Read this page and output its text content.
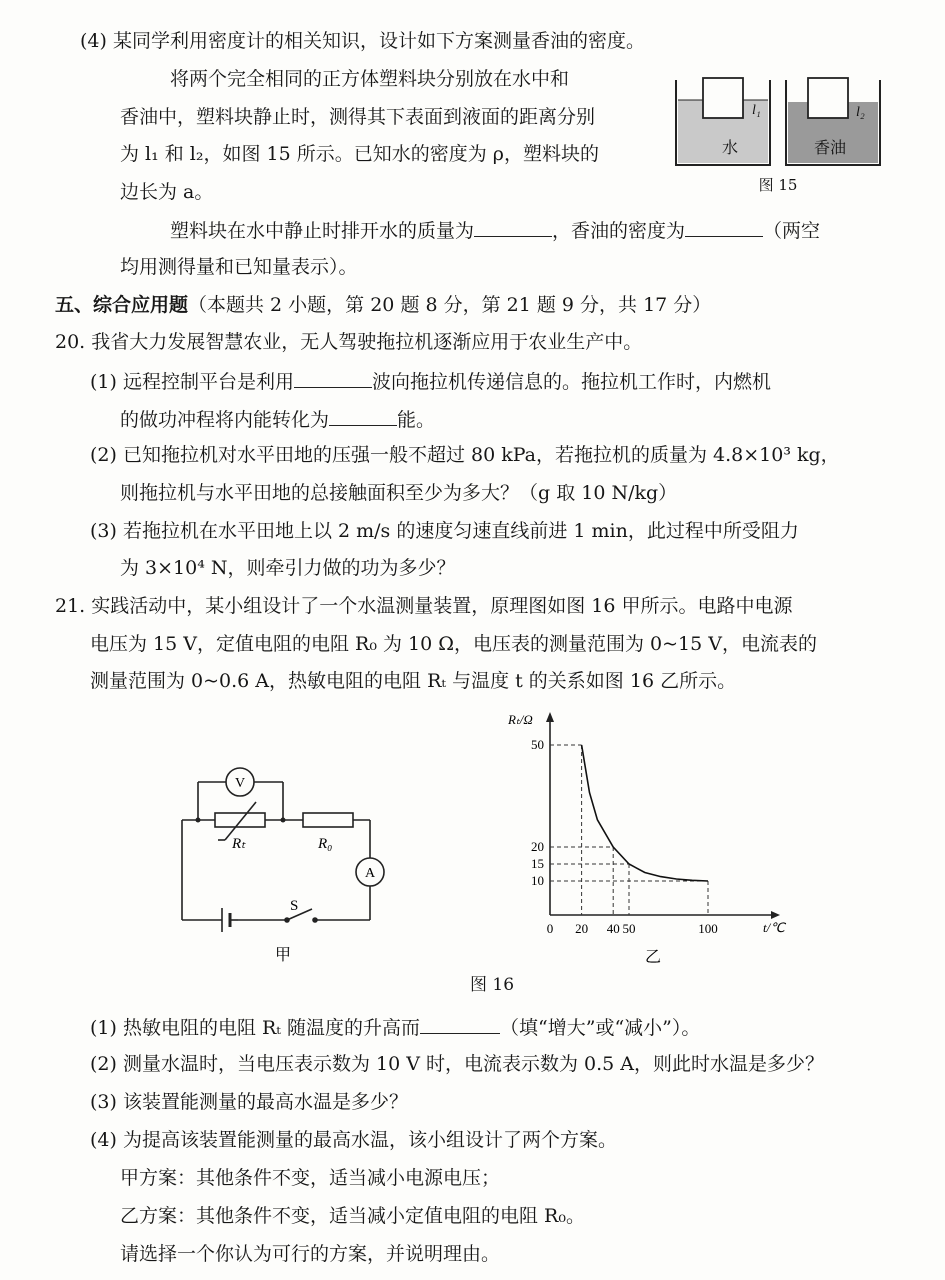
(4) 某同学利用密度计的相关知识，设计如下方案测量香油的密度。
将两个完全相同的正方体塑料块分别放在水中和
香油中，塑料块静止时，测得其下表面到液面的距离分别
为 l₁ 和 l₂，如图 15 所示。已知水的密度为 ρ，塑料块的
边长为 a。
水
l₁
香油
l₂
图 15
塑料块在水中静止时排开水的质量为	，香油的密度为	（两空
均用测得量和已知量表示）。
五、综合应用题（本题共 2 小题，第 20 题 8 分，第 21 题 9 分，共 17 分）
20. 我省大力发展智慧农业，无人驾驶拖拉机逐渐应用于农业生产中。
(1) 远程控制平台是利用	波向拖拉机传递信息的。拖拉机工作时，内燃机
的做功冲程将内能转化为	能。
(2) 已知拖拉机对水平田地的压强一般不超过 80 kPa，若拖拉机的质量为 4.8×10³ kg，
则拖拉机与水平田地的总接触面积至少为多大？（g 取 10 N/kg）
(3) 若拖拉机在水平田地上以 2 m/s 的速度匀速直线前进 1 min，此过程中所受阻力
为 3×10⁴ N，则牵引力做的功为多少？
21. 实践活动中，某小组设计了一个水温测量装置，原理图如图 16 甲所示。电路中电源
电压为 15 V，定值电阻的电阻 R₀ 为 10 Ω，电压表的测量范围为 0~15 V，电流表的
测量范围为 0~0.6 A，热敏电阻的电阻 Rₜ 与温度 t 的关系如图 16 乙所示。
V
A
S
Rₜ	R₀
甲
Rₜ/Ω
t/℃
乙
0 20 40 50	100
10
15
20
50
图 16
(1) 热敏电阻的电阻 Rₜ 随温度的升高而	（填“增大”或“减小”）。
(2) 测量水温时，当电压表示数为 10 V 时，电流表示数为 0.5 A，则此时水温是多少？
(3) 该装置能测量的最高水温是多少？
(4) 为提高该装置能测量的最高水温，该小组设计了两个方案。
甲方案：其他条件不变，适当减小电源电压；
乙方案：其他条件不变，适当减小定值电阻的电阻 R₀。
请选择一个你认为可行的方案，并说明理由。
